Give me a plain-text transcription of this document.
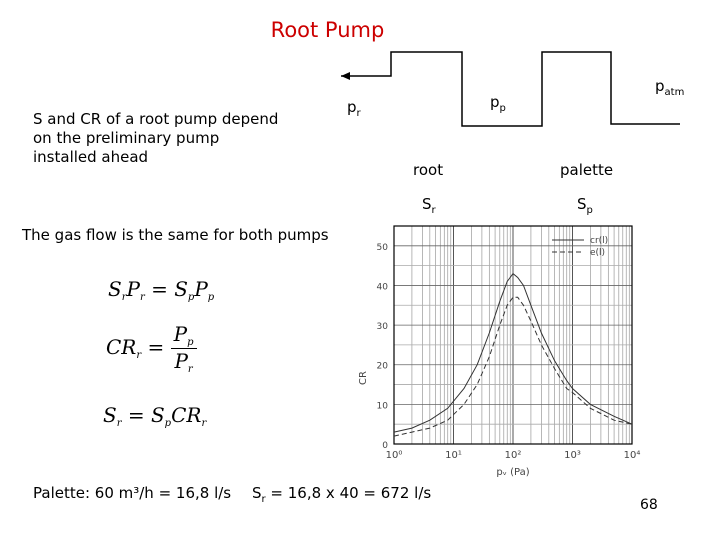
Root Pump
S and CR of a root pump depend
on the preliminary pump
installed ahead
The gas flow is the same for both pumps
$p_r$
$p_p$
$p_{atm}$
root	palette
$S_r$	$S_p$
$S_rP_r = S_pP_p$
$CR_r = \frac{P_p}{P_r}$
$S_r = S_pCR_r$
cr(l)
e(l)
0
10
20
30
40
50
10⁰	10¹	10²	10³	10⁴
pᵥ (Pa)
CR
Palette: 60 m³/h = 16,8 l/s $S_r = 16,8$ x 40 = 672 l/s
68
